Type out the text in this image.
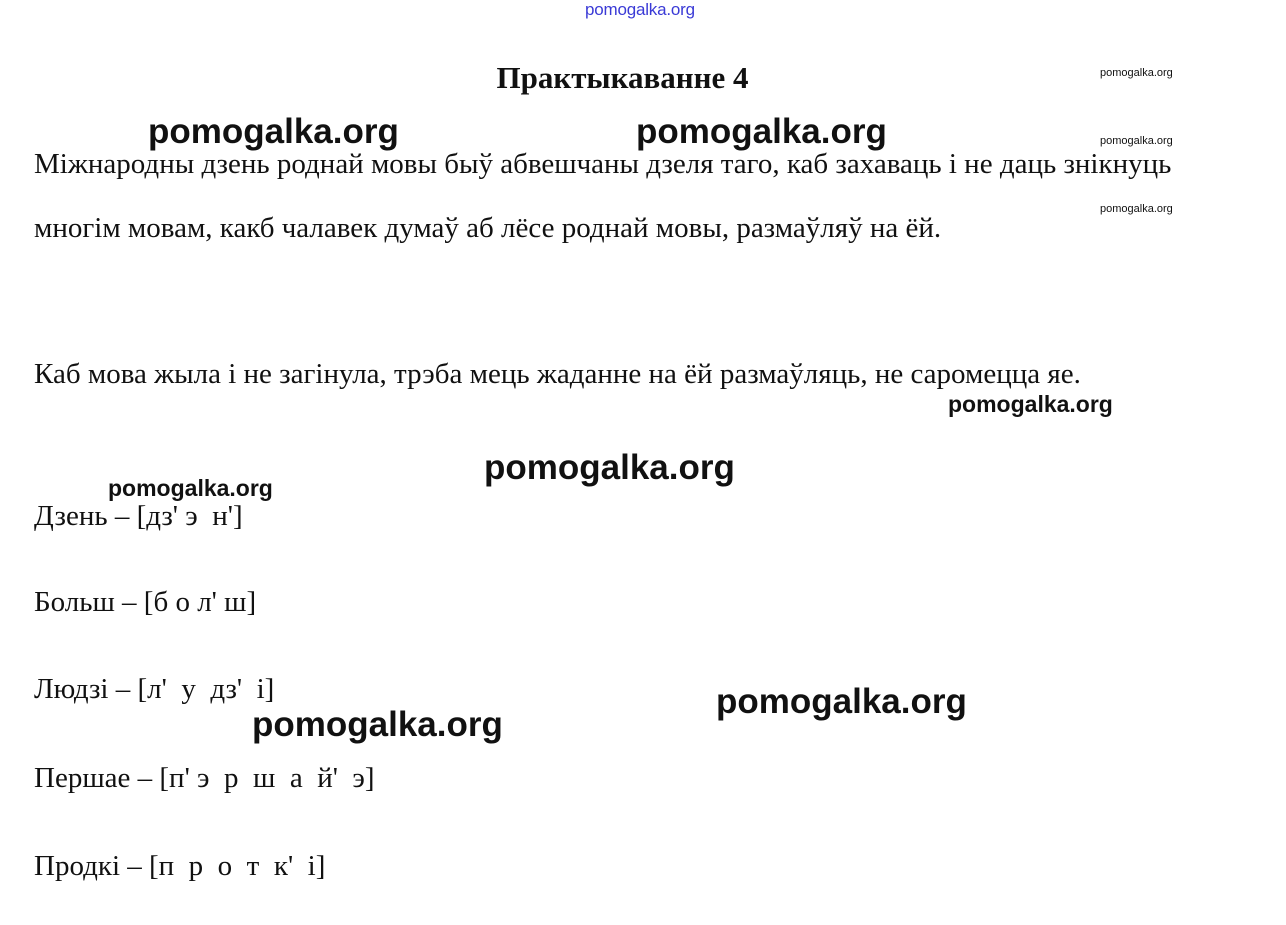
pomogalka.org
Практыкаванне 4

Міжнародны дзень роднай мовы быў абвешчаны дзеля таго, каб захаваць і не даць знікнуць многім мовам, какб чалавек думаў аб лёсе роднай мовы, размаўляў на ёй.

Каб мова жыла і не загінула, трэба мець жаданне на ёй размаўляць, не саромецца яе.

Дзень – [дз' э  н']
Больш – [б о л' ш]
Людзі – [л'  у  дз'  і]
Першае – [п' э  р  ш  а  й'  э]
Продкі – [п  р  о  т  к'  і]
pomogalka.org	pomogalka.org
pomogalka.org
pomogalka.org
pomogalka.org
pomogalka.org
pomogalka.org
pomogalka.org
pomogalka.org
pomogalka.org
